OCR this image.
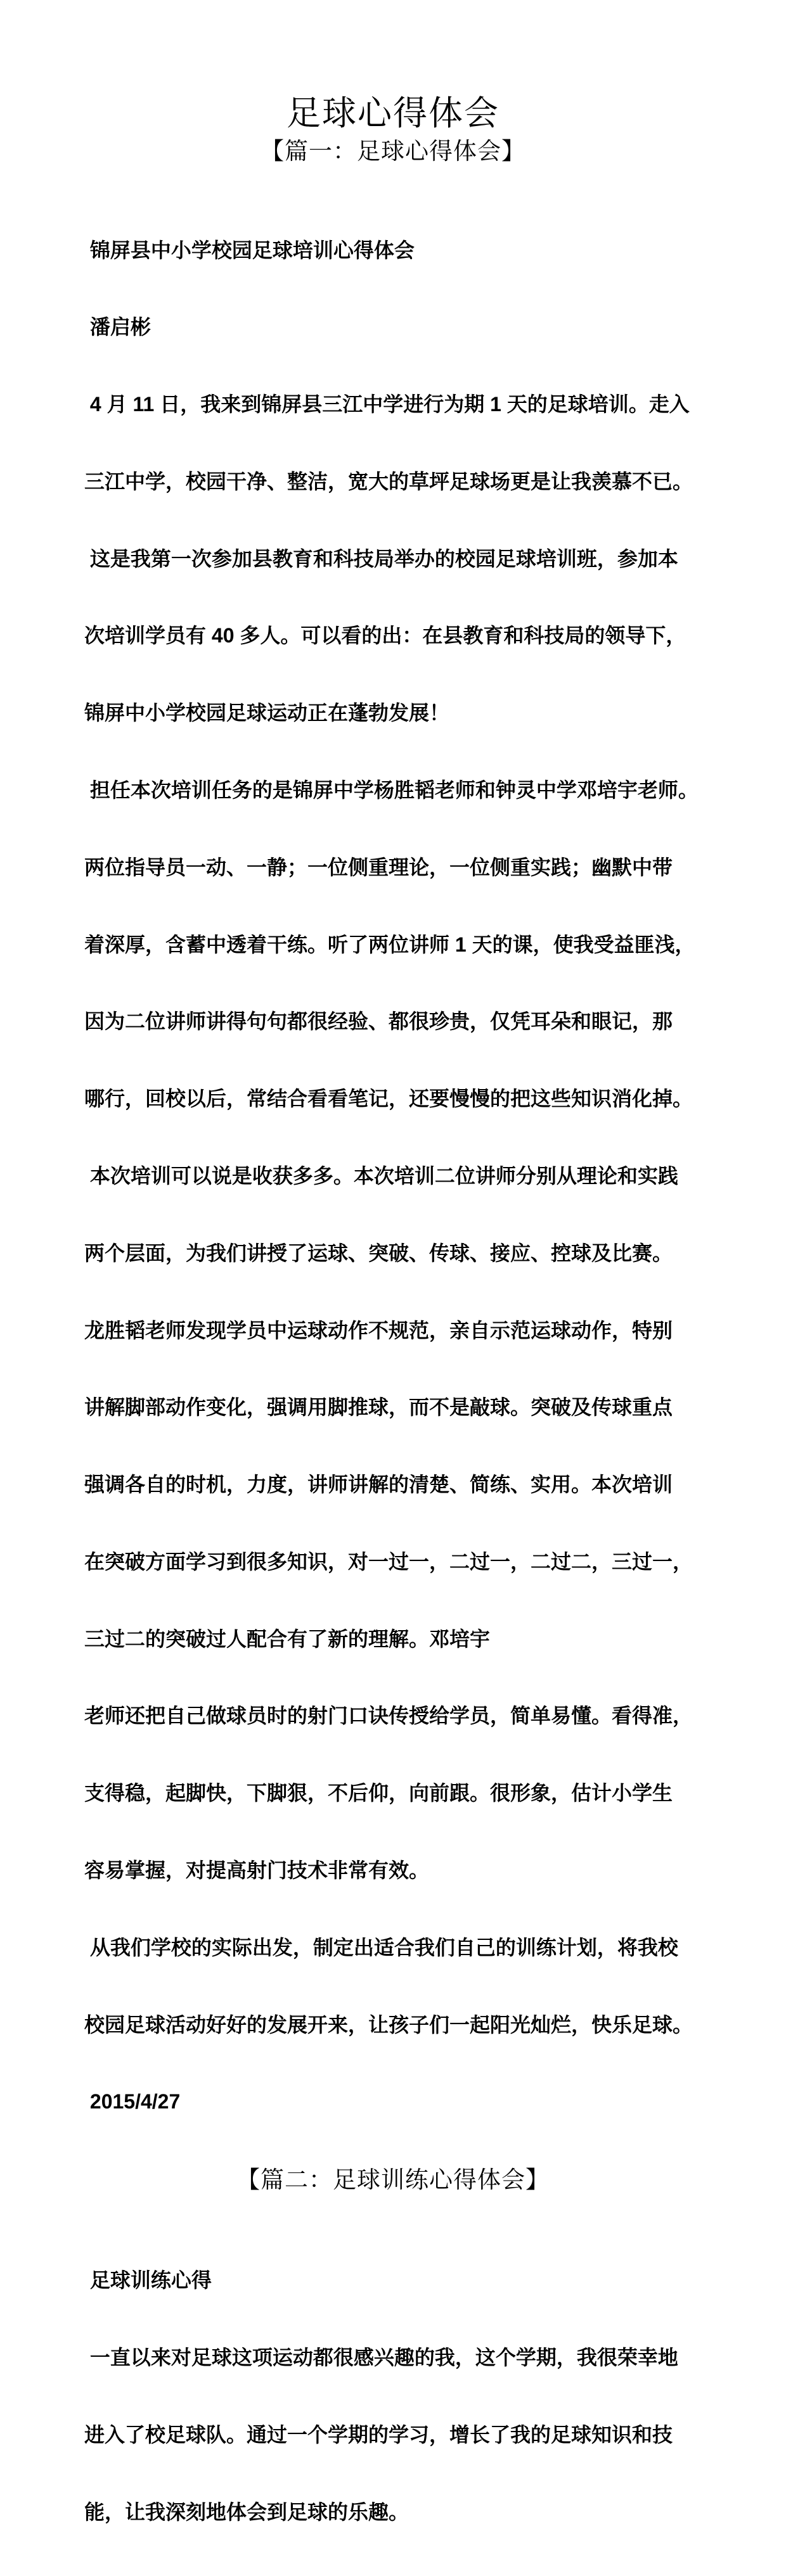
足球心得体会
【篇一：足球心得体会】

锦屏县中小学校园足球培训心得体会

潘启彬

4 月 11 日，我来到锦屏县三江中学进行为期 1 天的足球培训。走入

三江中学，校园干净、整洁，宽大的草坪足球场更是让我羡慕不已。

这是我第一次参加县教育和科技局举办的校园足球培训班，参加本

次培训学员有 40 多人。可以看的出：在县教育和科技局的领导下，

锦屏中小学校园足球运动正在蓬勃发展！

担任本次培训任务的是锦屏中学杨胜韬老师和钟灵中学邓培宇老师。

两位指导员一动、一静；一位侧重理论，一位侧重实践；幽默中带

着深厚，含蓄中透着干练。听了两位讲师 1 天的课，使我受益匪浅，

因为二位讲师讲得句句都很经验、都很珍贵，仅凭耳朵和眼记，那

哪行，回校以后，常结合看看笔记，还要慢慢的把这些知识消化掉。

本次培训可以说是收获多多。本次培训二位讲师分别从理论和实践

两个层面，为我们讲授了运球、突破、传球、接应、控球及比赛。

龙胜韬老师发现学员中运球动作不规范，亲自示范运球动作，特别

讲解脚部动作变化，强调用脚推球，而不是敲球。突破及传球重点

强调各自的时机，力度，讲师讲解的清楚、简练、实用。本次培训

在突破方面学习到很多知识，对一过一，二过一，二过二，三过一，

三过二的突破过人配合有了新的理解。邓培宇

老师还把自己做球员时的射门口诀传授给学员，简单易懂。看得准，

支得稳，起脚快，下脚狠，不后仰，向前跟。很形象，估计小学生

容易掌握，对提高射门技术非常有效。

从我们学校的实际出发，制定出适合我们自己的训练计划，将我校

校园足球活动好好的发展开来，让孩子们一起阳光灿烂，快乐足球。

2015/4/27

【篇二：足球训练心得体会】

足球训练心得

一直以来对足球这项运动都很感兴趣的我，这个学期，我很荣幸地

进入了校足球队。通过一个学期的学习，增长了我的足球知识和技

能，让我深刻地体会到足球的乐趣。
